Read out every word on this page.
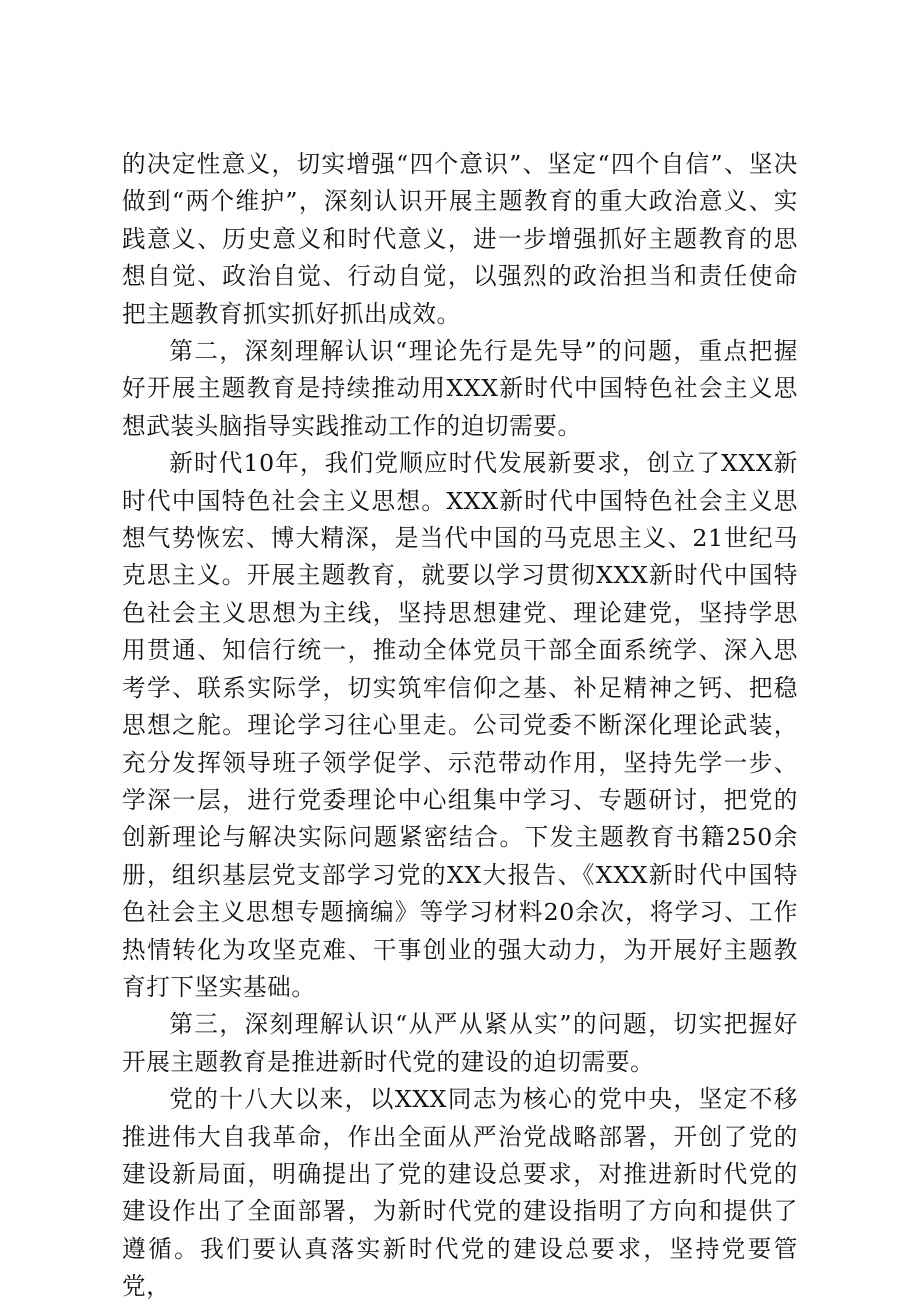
的决定性意义，切实增强“四个意识”、坚定“四个自信”、坚决做到“两个维护”，深刻认识开展主题教育的重大政治意义、实践意义、历史意义和时代意义，进一步增强抓好主题教育的思想自觉、政治自觉、行动自觉，以强烈的政治担当和责任使命把主题教育抓实抓好抓出成效。

第二，深刻理解认识“理论先行是先导”的问题，重点把握好开展主题教育是持续推动用XXX新时代中国特色社会主义思想武装头脑指导实践推动工作的迫切需要。

新时代10年，我们党顺应时代发展新要求，创立了XXX新时代中国特色社会主义思想。XXX新时代中国特色社会主义思想气势恢宏、博大精深，是当代中国的马克思主义、21世纪马克思主义。开展主题教育，就要以学习贯彻XXX新时代中国特色社会主义思想为主线，坚持思想建党、理论建党，坚持学思用贯通、知信行统一，推动全体党员干部全面系统学、深入思考学、联系实际学，切实筑牢信仰之基、补足精神之钙、把稳思想之舵。理论学习往心里走。公司党委不断深化理论武装，充分发挥领导班子领学促学、示范带动作用，坚持先学一步、学深一层，进行党委理论中心组集中学习、专题研讨，把党的创新理论与解决实际问题紧密结合。下发主题教育书籍250余册，组织基层党支部学习党的XX大报告、《XXX新时代中国特色社会主义思想专题摘编》等学习材料20余次，将学习、工作热情转化为攻坚克难、干事创业的强大动力，为开展好主题教育打下坚实基础。

第三，深刻理解认识“从严从紧从实”的问题，切实把握好开展主题教育是推进新时代党的建设的迫切需要。

党的十八大以来，以XXX同志为核心的党中央，坚定不移推进伟大自我革命，作出全面从严治党战略部署，开创了党的建设新局面，明确提出了党的建设总要求，对推进新时代党的建设作出了全面部署，为新时代党的建设指明了方向和提供了遵循。我们要认真落实新时代党的建设总要求，坚持党要管党，
